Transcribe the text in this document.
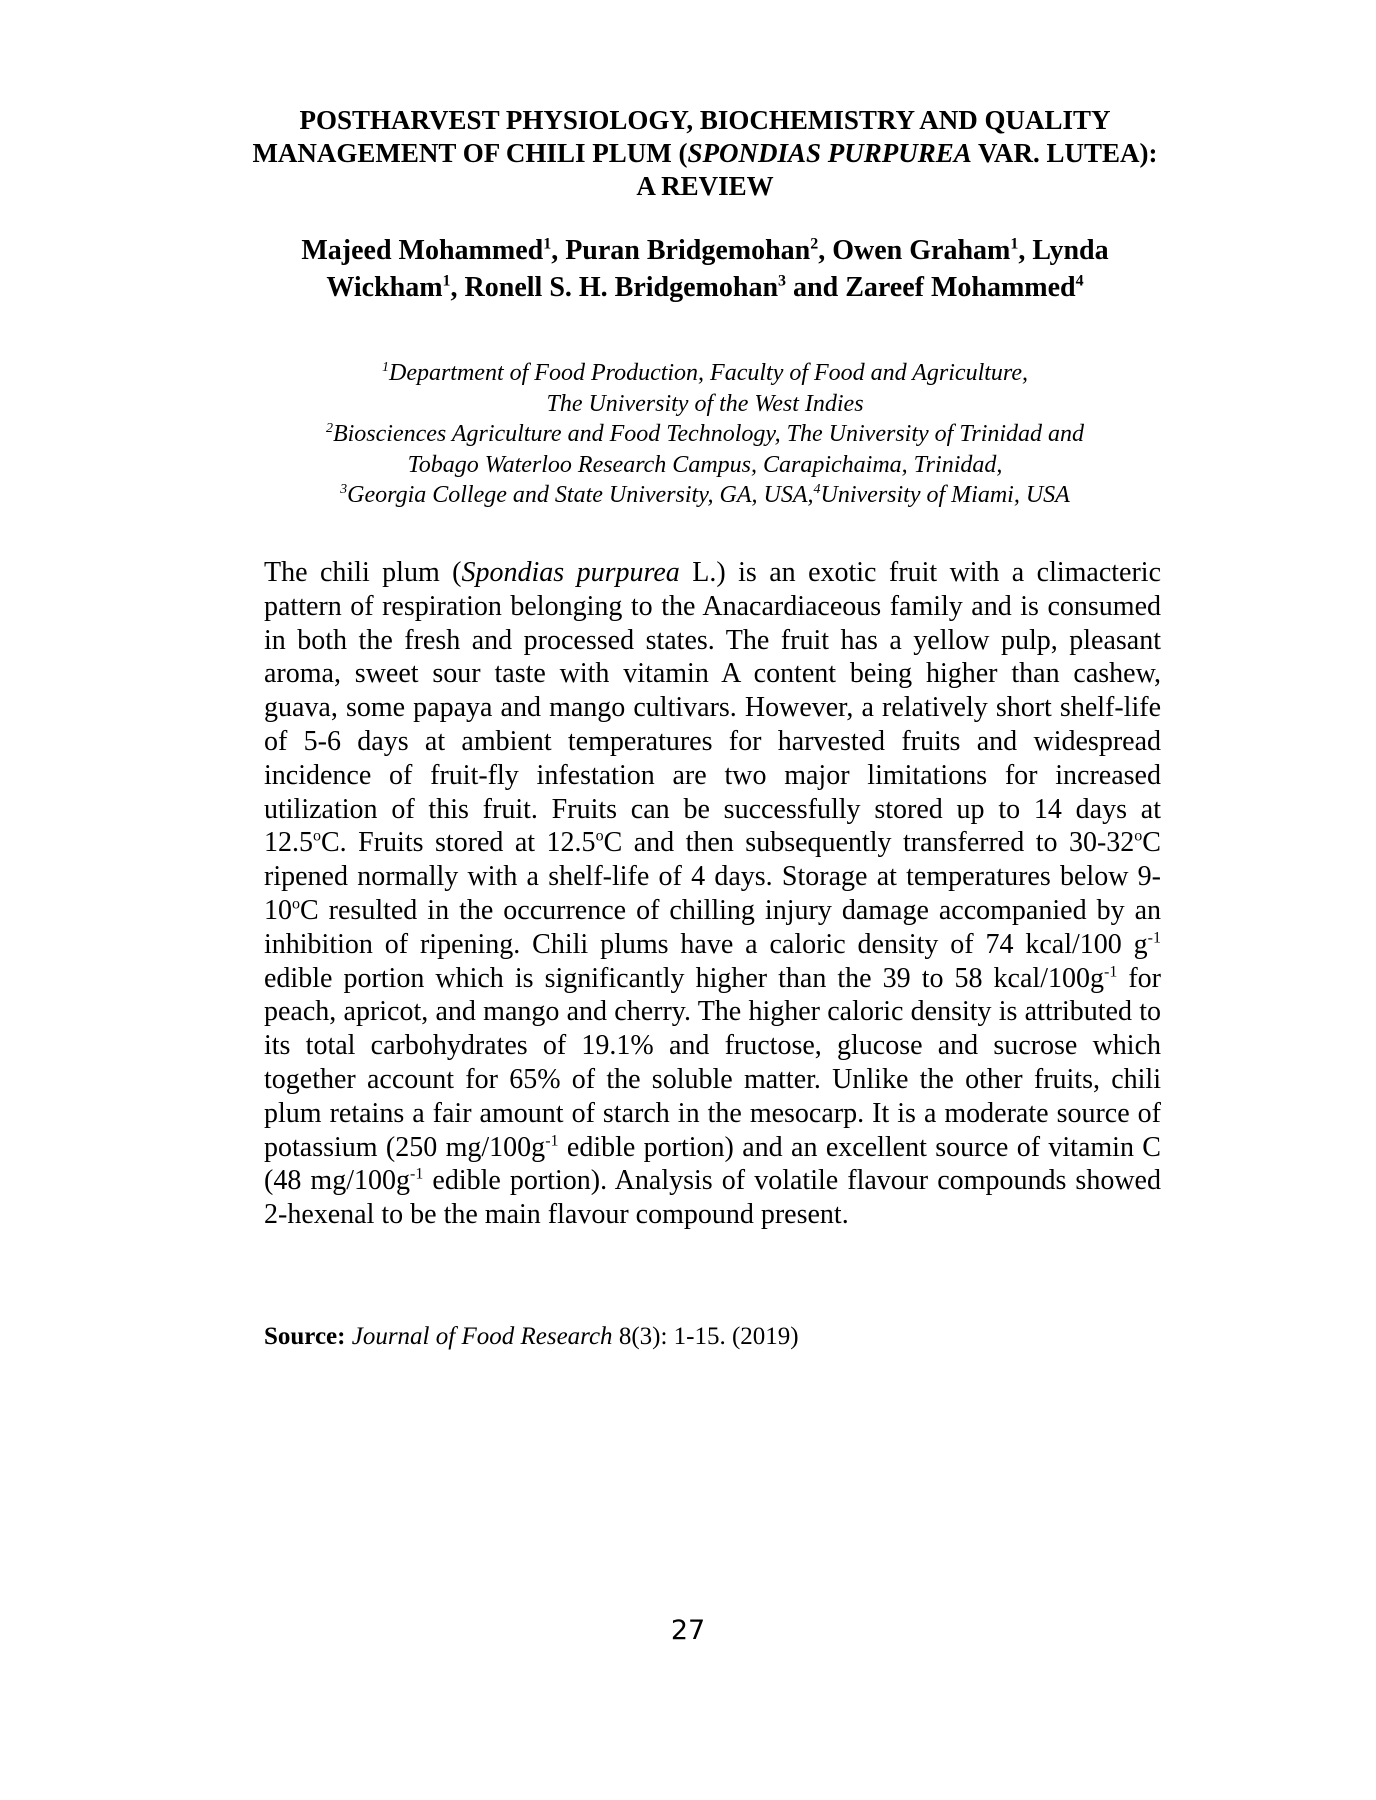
POSTHARVEST PHYSIOLOGY, BIOCHEMISTRY AND QUALITY MANAGEMENT OF CHILI PLUM (SPONDIAS PURPUREA VAR. LUTEA): A REVIEW

Majeed Mohammed$^1$, Puran Bridgemohan$^2$, Owen Graham$^1$, Lynda Wickham$^1$, Ronell S. H. Bridgemohan$^3$ and Zareef Mohammed$^4$

$^1$Department of Food Production, Faculty of Food and Agriculture,
The University of the West Indies
$^2$Biosciences Agriculture and Food Technology, The University of Trinidad and
Tobago Waterloo Research Campus, Carapichaima, Trinidad,
$^3$Georgia College and State University, GA, USA,$^4$University of Miami, USA

The chili plum (Spondias purpurea L.) is an exotic fruit with a climacteric pattern of respiration belonging to the Anacardiaceous family and is consumed in both the fresh and processed states. The fruit has a yellow pulp, pleasant aroma, sweet sour taste with vitamin A content being higher than cashew, guava, some papaya and mango cultivars. However, a relatively short shelf-life of 5-6 days at ambient temperatures for harvested fruits and widespread incidence of fruit-fly infestation are two major limitations for increased utilization of this fruit. Fruits can be successfully stored up to 14 days at 12.5$^o$C. Fruits stored at 12.5$^o$C and then subsequently transferred to 30-32$^o$C ripened normally with a shelf-life of 4 days. Storage at temperatures below 9-10$^o$C resulted in the occurrence of chilling injury damage accompanied by an inhibition of ripening. Chili plums have a caloric density of 74 kcal/100 $g^{-1}$ edible portion which is significantly higher than the 39 to 58 kcal/$100g^{-1}$ for peach, apricot, and mango and cherry. The higher caloric density is attributed to its total carbohydrates of 19.1% and fructose, glucose and sucrose which together account for 65% of the soluble matter. Unlike the other fruits, chili plum retains a fair amount of starch in the mesocarp. It is a moderate source of potassium (250 $mg/100g^{-1}$ edible portion) and an excellent source of vitamin C (48 $mg/100g^{-1}$ edible portion). Analysis of volatile flavour compounds showed 2-hexenal to be the main flavour compound present.

Source: Journal of Food Research 8(3): 1-15. (2019)

27
